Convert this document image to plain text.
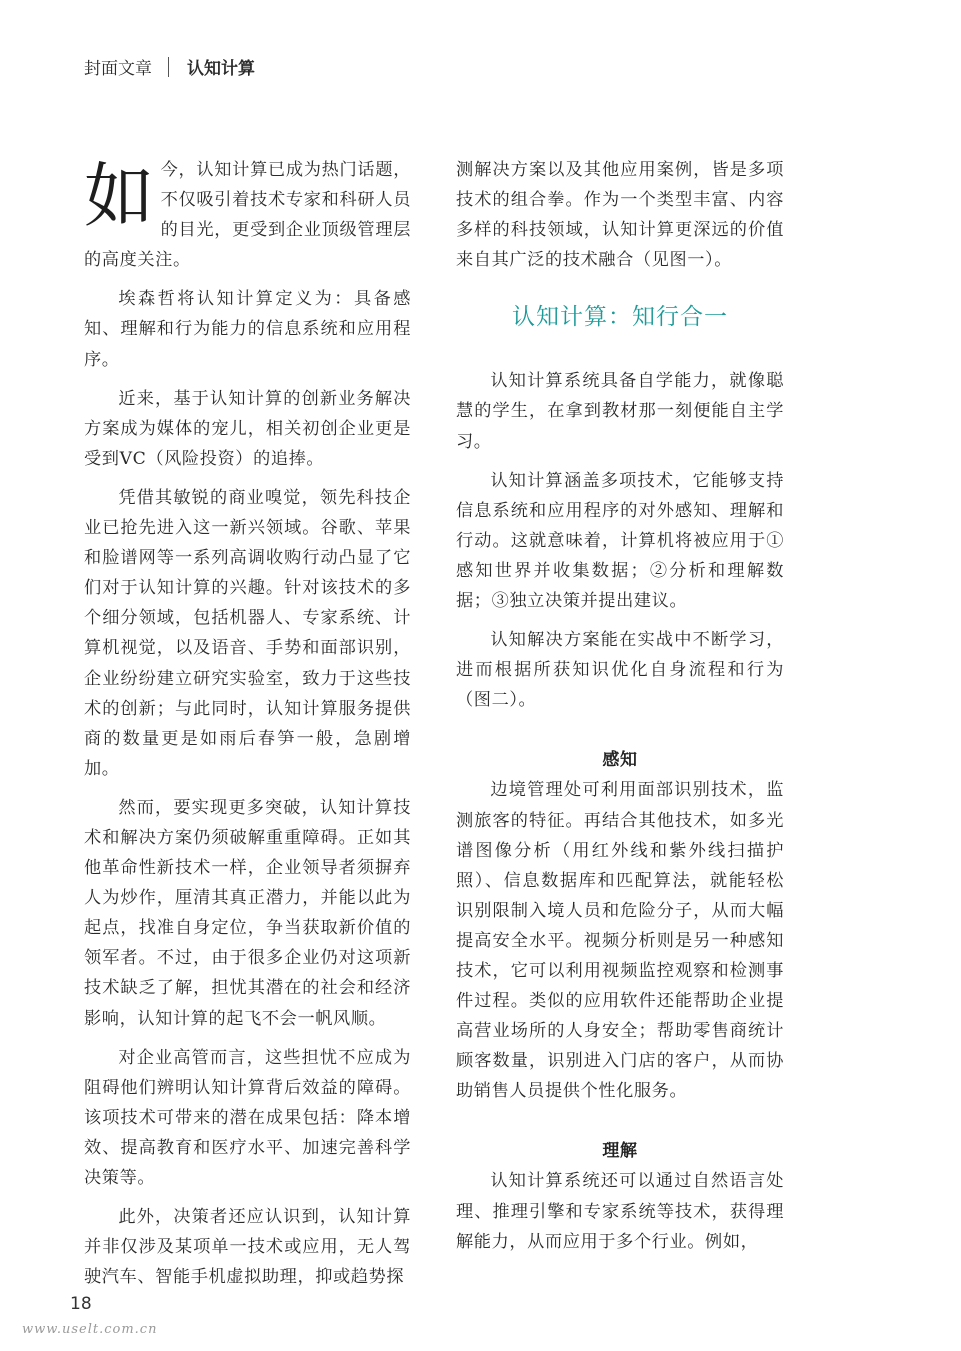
封面文章 认知计算

如今，认知计算已成为热门话题，不仅吸引着技术专家和科研人员的目光，更受到企业顶级管理层的高度关注。

埃森哲将认知计算定义为：具备感知、理解和行为能力的信息系统和应用程序。

近来，基于认知计算的创新业务解决方案成为媒体的宠儿，相关初创企业更是受到VC（风险投资）的追捧。

凭借其敏锐的商业嗅觉，领先科技企业已抢先进入这一新兴领域。谷歌、苹果和脸谱网等一系列高调收购行动凸显了它们对于认知计算的兴趣。针对该技术的多个细分领域，包括机器人、专家系统、计算机视觉，以及语音、手势和面部识别，企业纷纷建立研究实验室，致力于这些技术的创新；与此同时，认知计算服务提供商的数量更是如雨后春笋一般，急剧增加。

然而，要实现更多突破，认知计算技术和解决方案仍须破解重重障碍。正如其他革命性新技术一样，企业领导者须摒弃人为炒作，厘清其真正潜力，并能以此为起点，找准自身定位，争当获取新价值的领军者。不过，由于很多企业仍对这项新技术缺乏了解，担忧其潜在的社会和经济影响，认知计算的起飞不会一帆风顺。

对企业高管而言，这些担忧不应成为阻碍他们辨明认知计算背后效益的障碍。该项技术可带来的潜在成果包括：降本增效、提高教育和医疗水平、加速完善科学决策等。

此外，决策者还应认识到，认知计算并非仅涉及某项单一技术或应用，无人驾驶汽车、智能手机虚拟助理，抑或趋势探

测解决方案以及其他应用案例，皆是多项技术的组合拳。作为一个类型丰富、内容多样的科技领域，认知计算更深远的价值来自其广泛的技术融合（见图一）。

认知计算：知行合一

认知计算系统具备自学能力，就像聪慧的学生，在拿到教材那一刻便能自主学习。

认知计算涵盖多项技术，它能够支持信息系统和应用程序的对外感知、理解和行动。这就意味着，计算机将被应用于①感知世界并收集数据；②分析和理解数据；③独立决策并提出建议。

认知解决方案能在实战中不断学习，进而根据所获知识优化自身流程和行为（图二）。

感知

边境管理处可利用面部识别技术，监测旅客的特征。再结合其他技术，如多光谱图像分析（用红外线和紫外线扫描护照）、信息数据库和匹配算法，就能轻松识别限制入境人员和危险分子，从而大幅提高安全水平。视频分析则是另一种感知技术，它可以利用视频监控观察和检测事件过程。类似的应用软件还能帮助企业提高营业场所的人身安全；帮助零售商统计顾客数量，识别进入门店的客户，从而协助销售人员提供个性化服务。

理解

认知计算系统还可以通过自然语言处理、推理引擎和专家系统等技术，获得理解能力，从而应用于多个行业。例如，

18
www.uselt.com.cn
